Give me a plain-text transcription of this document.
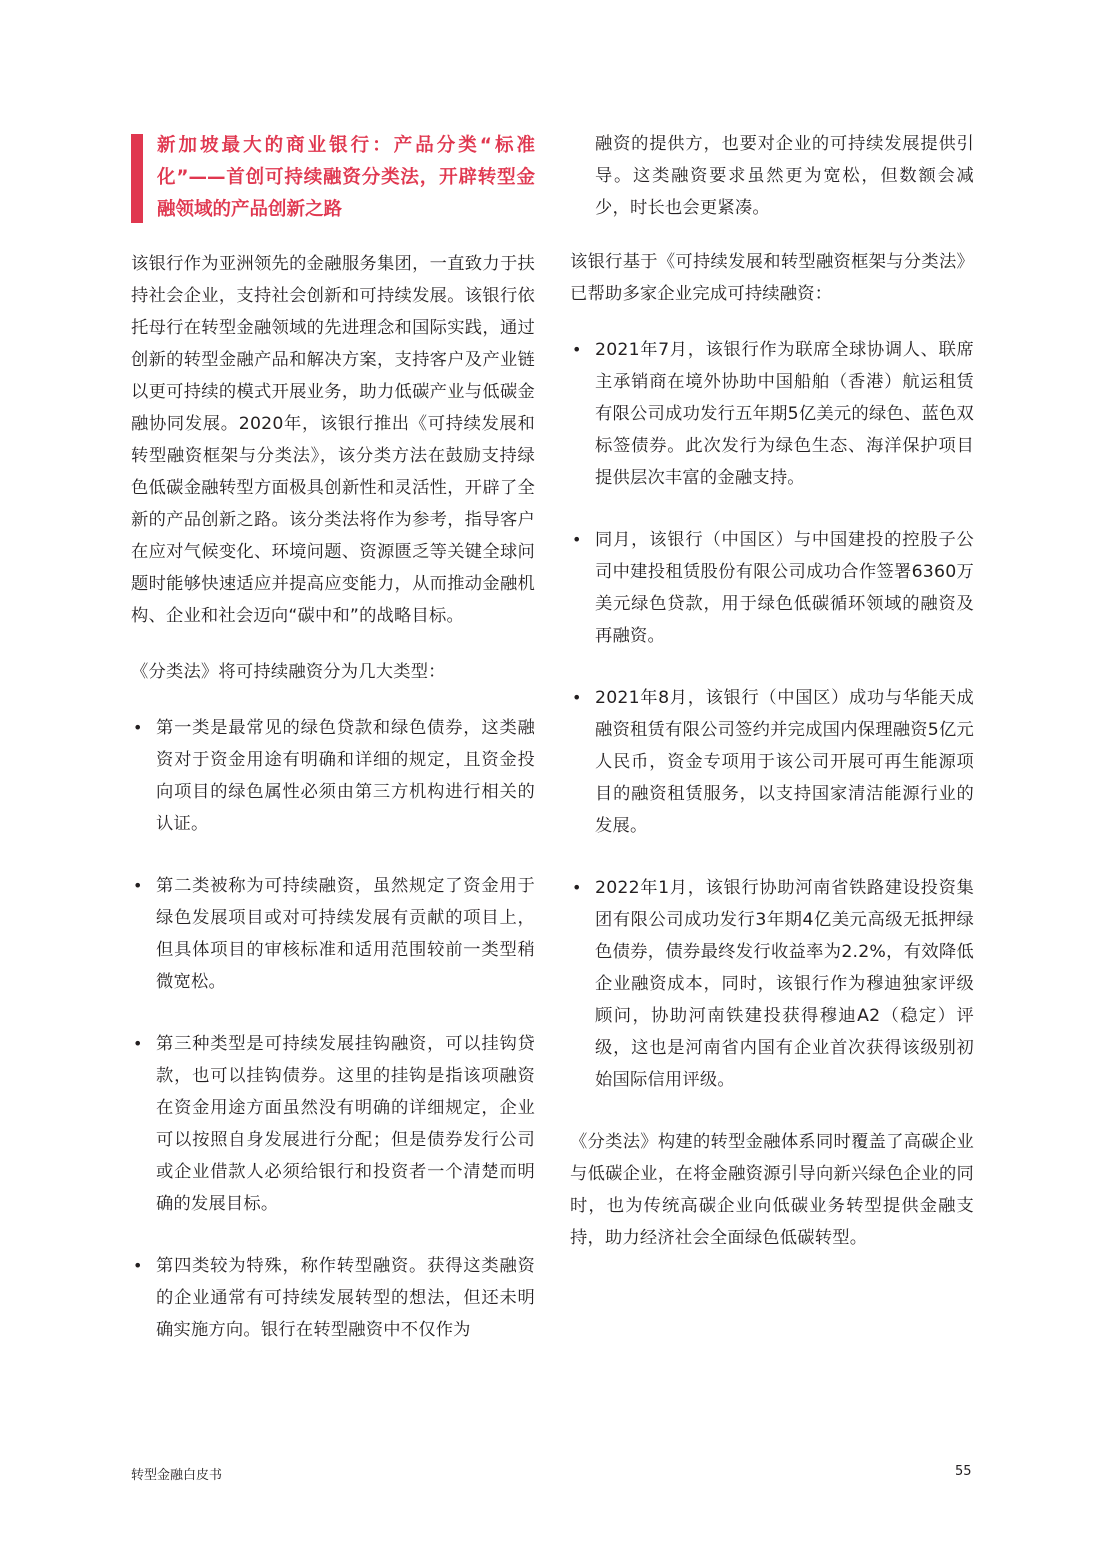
新加坡最大的商业银行：产品分类“标准化”——首创可持续融资分类法，开辟转型金融领域的产品创新之路

该银行作为亚洲领先的金融服务集团，一直致力于扶持社会企业，支持社会创新和可持续发展。该银行依托母行在转型金融领域的先进理念和国际实践，通过创新的转型金融产品和解决方案，支持客户及产业链以更可持续的模式开展业务，助力低碳产业与低碳金融协同发展。2020年，该银行推出《可持续发展和转型融资框架与分类法》，该分类方法在鼓励支持绿色低碳金融转型方面极具创新性和灵活性，开辟了全新的产品创新之路。该分类法将作为参考，指导客户在应对气候变化、环境问题、资源匮乏等关键全球问题时能够快速适应并提高应变能力，从而推动金融机构、企业和社会迈向“碳中和”的战略目标。

《分类法》将可持续融资分为几大类型：

• 第一类是最常见的绿色贷款和绿色债券，这类融资对于资金用途有明确和详细的规定，且资金投向项目的绿色属性必须由第三方机构进行相关的认证。
• 第二类被称为可持续融资，虽然规定了资金用于绿色发展项目或对可持续发展有贡献的项目上，但具体项目的审核标准和适用范围较前一类型稍微宽松。
• 第三种类型是可持续发展挂钩融资，可以挂钩贷款，也可以挂钩债券。这里的挂钩是指该项融资在资金用途方面虽然没有明确的详细规定，企业可以按照自身发展进行分配；但是债券发行公司或企业借款人必须给银行和投资者一个清楚而明确的发展目标。
• 第四类较为特殊，称作转型融资。获得这类融资的企业通常有可持续发展转型的想法，但还未明确实施方向。银行在转型融资中不仅作为

融资的提供方，也要对企业的可持续发展提供引导。这类融资要求虽然更为宽松，但数额会减少，时长也会更紧凑。

该银行基于《可持续发展和转型融资框架与分类法》已帮助多家企业完成可持续融资：

• 2021年7月，该银行作为联席全球协调人、联席主承销商在境外协助中国船舶（香港）航运租赁有限公司成功发行五年期5亿美元的绿色、蓝色双标签债券。此次发行为绿色生态、海洋保护项目提供层次丰富的金融支持。
• 同月，该银行（中国区）与中国建投的控股子公司中建投租赁股份有限公司成功合作签署6360万美元绿色贷款，用于绿色低碳循环领域的融资及再融资。
• 2021年8月，该银行（中国区）成功与华能天成融资租赁有限公司签约并完成国内保理融资5亿元人民币，资金专项用于该公司开展可再生能源项目的融资租赁服务，以支持国家清洁能源行业的发展。
• 2022年1月，该银行协助河南省铁路建设投资集团有限公司成功发行3年期4亿美元高级无抵押绿色债券，债券最终发行收益率为2.2%，有效降低企业融资成本，同时，该银行作为穆迪独家评级顾问，协助河南铁建投获得穆迪A2（稳定）评级，这也是河南省内国有企业首次获得该级别初始国际信用评级。

《分类法》构建的转型金融体系同时覆盖了高碳企业与低碳企业，在将金融资源引导向新兴绿色企业的同时，也为传统高碳企业向低碳业务转型提供金融支持，助力经济社会全面绿色低碳转型。

转型金融白皮书	55
